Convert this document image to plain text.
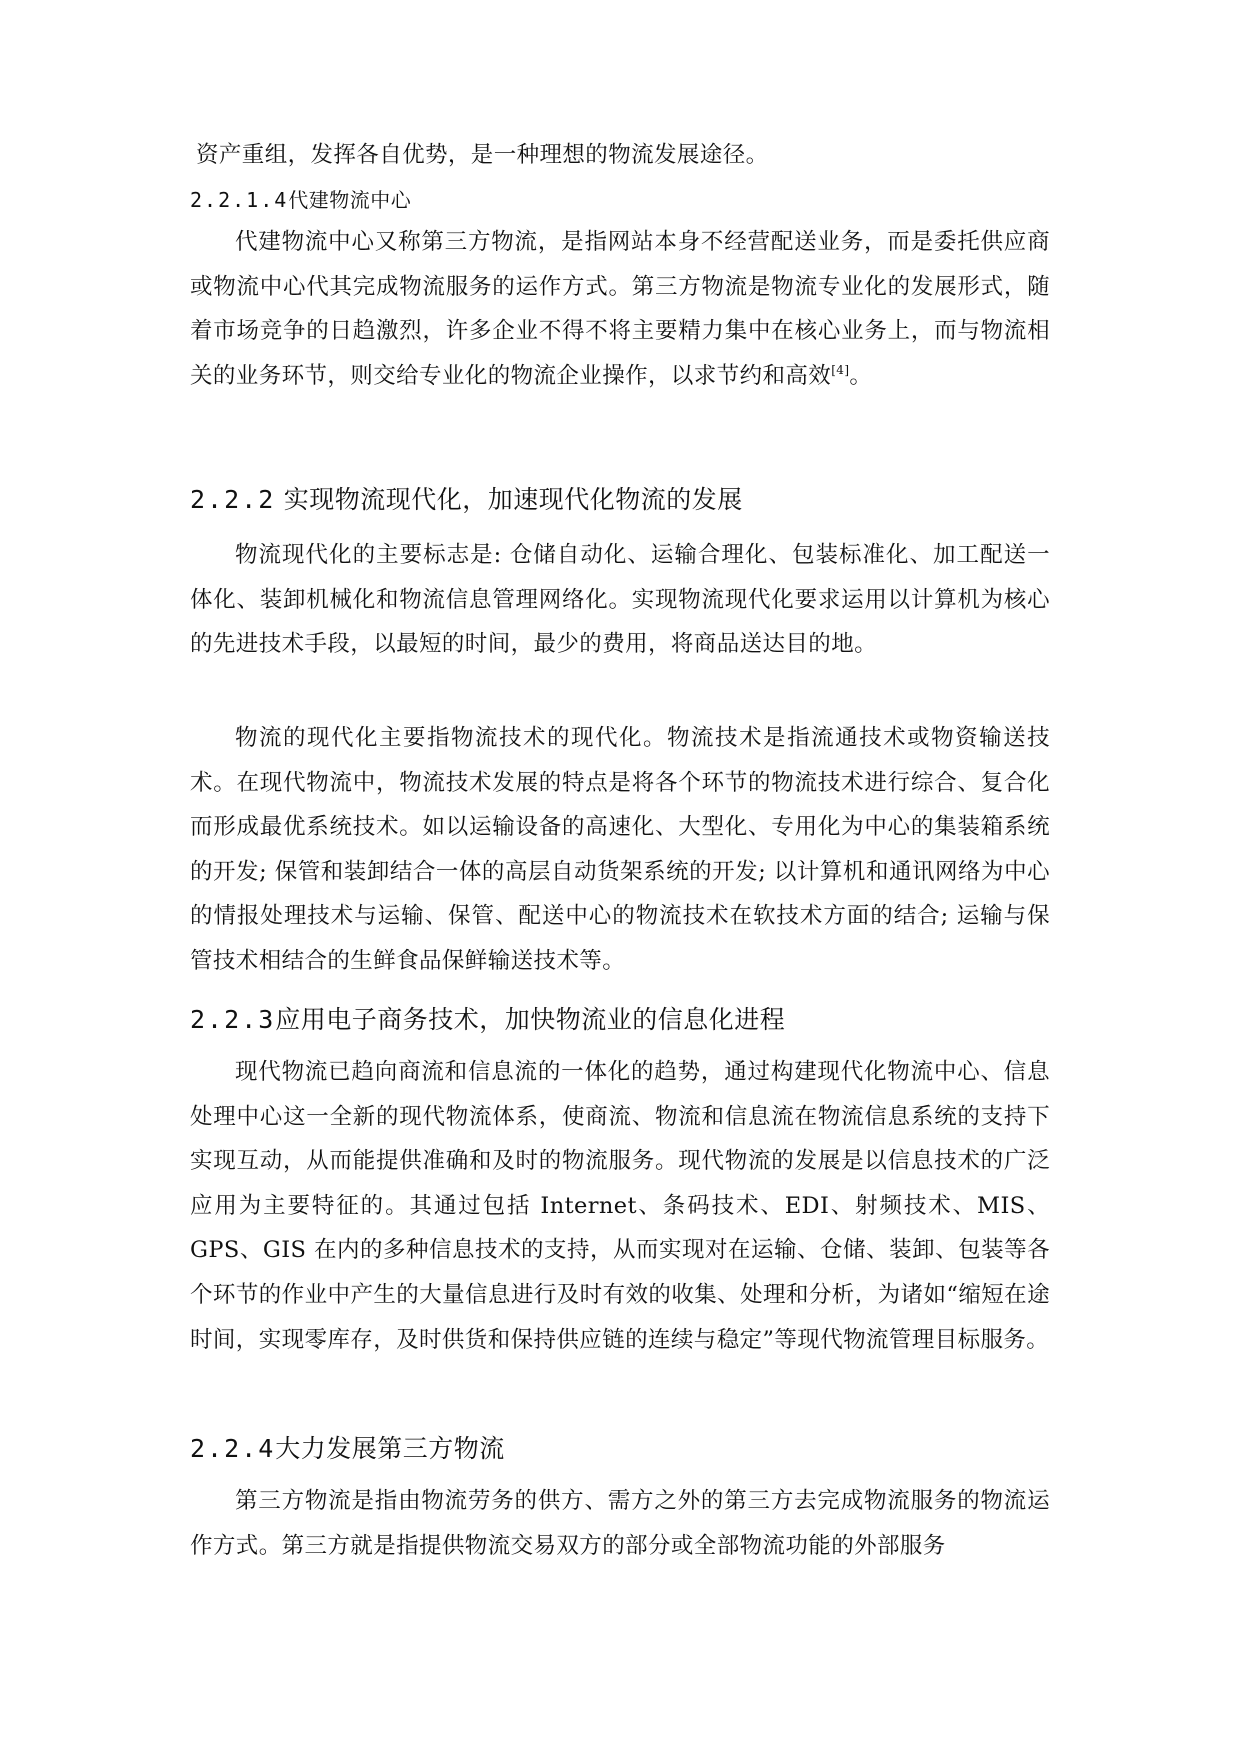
资产重组，发挥各自优势，是一种理想的物流发展途径。

2.2.1.4代建物流中心

代建物流中心又称第三方物流，是指网站本身不经营配送业务，而是委托供应商或物流中心代其完成物流服务的运作方式。第三方物流是物流专业化的发展形式，随着市场竞争的日趋激烈，许多企业不得不将主要精力集中在核心业务上，而与物流相关的业务环节，则交给专业化的物流企业操作，以求节约和高效[4]。

2.2.2 实现物流现代化，加速现代化物流的发展

物流现代化的主要标志是: 仓储自动化、运输合理化、包装标准化、加工配送一体化、装卸机械化和物流信息管理网络化。实现物流现代化要求运用以计算机为核心的先进技术手段，以最短的时间，最少的费用，将商品送达目的地。

物流的现代化主要指物流技术的现代化。物流技术是指流通技术或物资输送技术。在现代物流中，物流技术发展的特点是将各个环节的物流技术进行综合、复合化而形成最优系统技术。如以运输设备的高速化、大型化、专用化为中心的集装箱系统的开发; 保管和装卸结合一体的高层自动货架系统的开发; 以计算机和通讯网络为中心的情报处理技术与运输、保管、配送中心的物流技术在软技术方面的结合; 运输与保管技术相结合的生鲜食品保鲜输送技术等。

2.2.3应用电子商务技术，加快物流业的信息化进程

现代物流已趋向商流和信息流的一体化的趋势，通过构建现代化物流中心、信息处理中心这一全新的现代物流体系，使商流、物流和信息流在物流信息系统的支持下实现互动，从而能提供准确和及时的物流服务。现代物流的发展是以信息技术的广泛应用为主要特征的。其通过包括 Internet、条码技术、EDI、射频技术、MIS、GPS、GIS 在内的多种信息技术的支持，从而实现对在运输、仓储、装卸、包装等各个环节的作业中产生的大量信息进行及时有效的收集、处理和分析，为诸如“缩短在途时间，实现零库存，及时供货和保持供应链的连续与稳定”等现代物流管理目标服务。

2.2.4大力发展第三方物流

第三方物流是指由物流劳务的供方、需方之外的第三方去完成物流服务的物流运作方式。第三方就是指提供物流交易双方的部分或全部物流功能的外部服务
